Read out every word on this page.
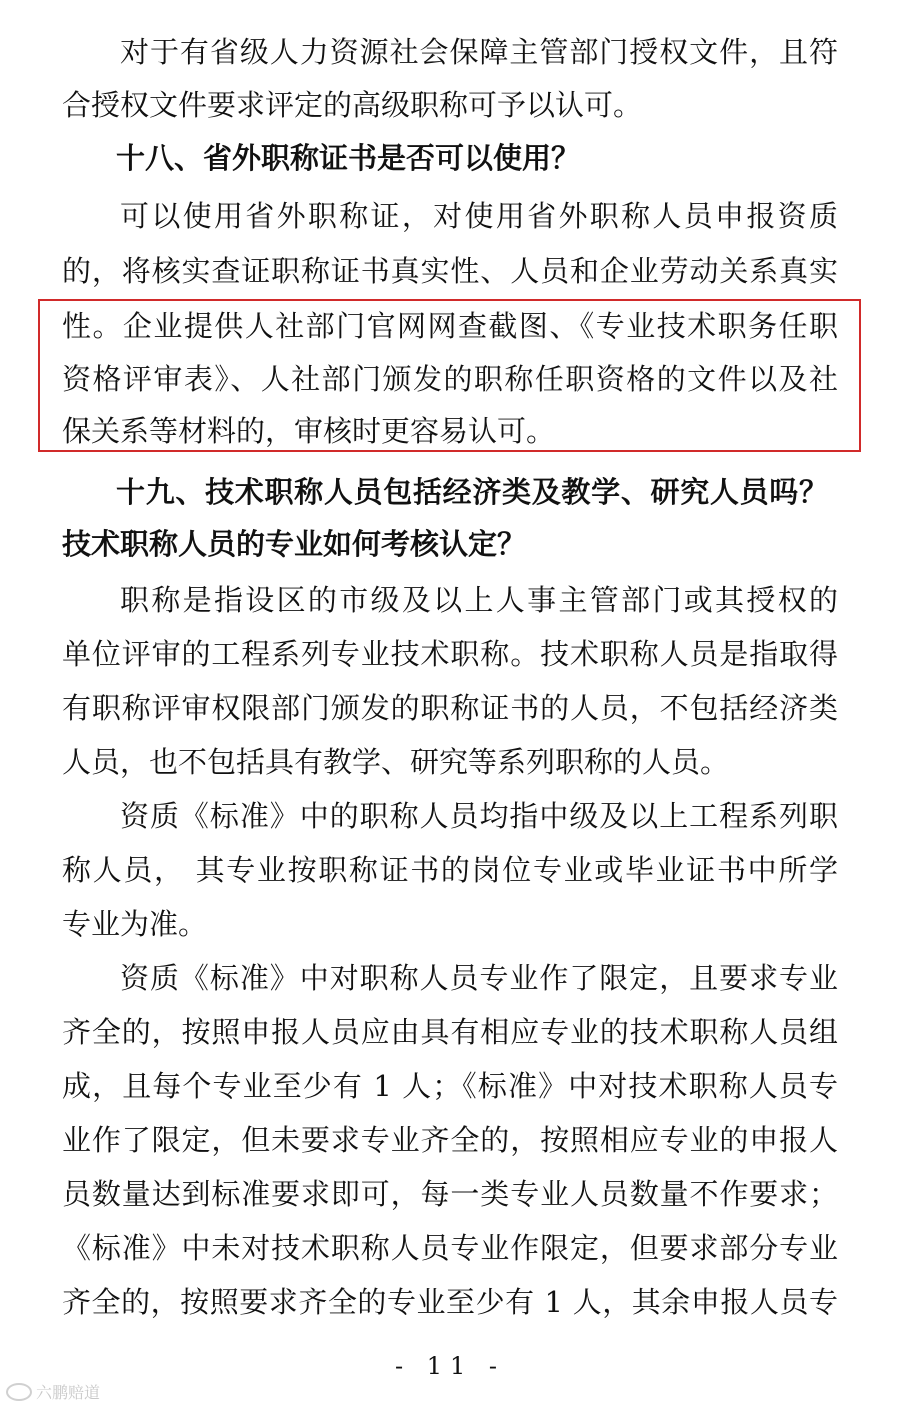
对于有省级人力资源社会保障主管部门授权文件，且符
合授权文件要求评定的高级职称可予以认可。
十八、省外职称证书是否可以使用？
可以使用省外职称证，对使用省外职称人员申报资质
的，将核实查证职称证书真实性、人员和企业劳动关系真实
性。企业提供人社部门官网网查截图、《专业技术职务任职
资格评审表》、人社部门颁发的职称任职资格的文件以及社
保关系等材料的，审核时更容易认可。
十九、技术职称人员包括经济类及教学、研究人员吗？
技术职称人员的专业如何考核认定？
职称是指设区的市级及以上人事主管部门或其授权的
单位评审的工程系列专业技术职称。技术职称人员是指取得
有职称评审权限部门颁发的职称证书的人员，不包括经济类
人员，也不包括具有教学、研究等系列职称的人员。
资质《标准》中的职称人员均指中级及以上工程系列职
称人员， 其专业按职称证书的岗位专业或毕业证书中所学
专业为准。
资质《标准》中对职称人员专业作了限定，且要求专业
齐全的，按照申报人员应由具有相应专业的技术职称人员组
成，且每个专业至少有 1 人；《标准》中对技术职称人员专
业作了限定，但未要求专业齐全的，按照相应专业的申报人
员数量达到标准要求即可，每一类专业人员数量不作要求；
《标准》中未对技术职称人员专业作限定，但要求部分专业
齐全的，按照要求齐全的专业至少有 1 人，其余申报人员专
- 11 -
六鹏赔道
